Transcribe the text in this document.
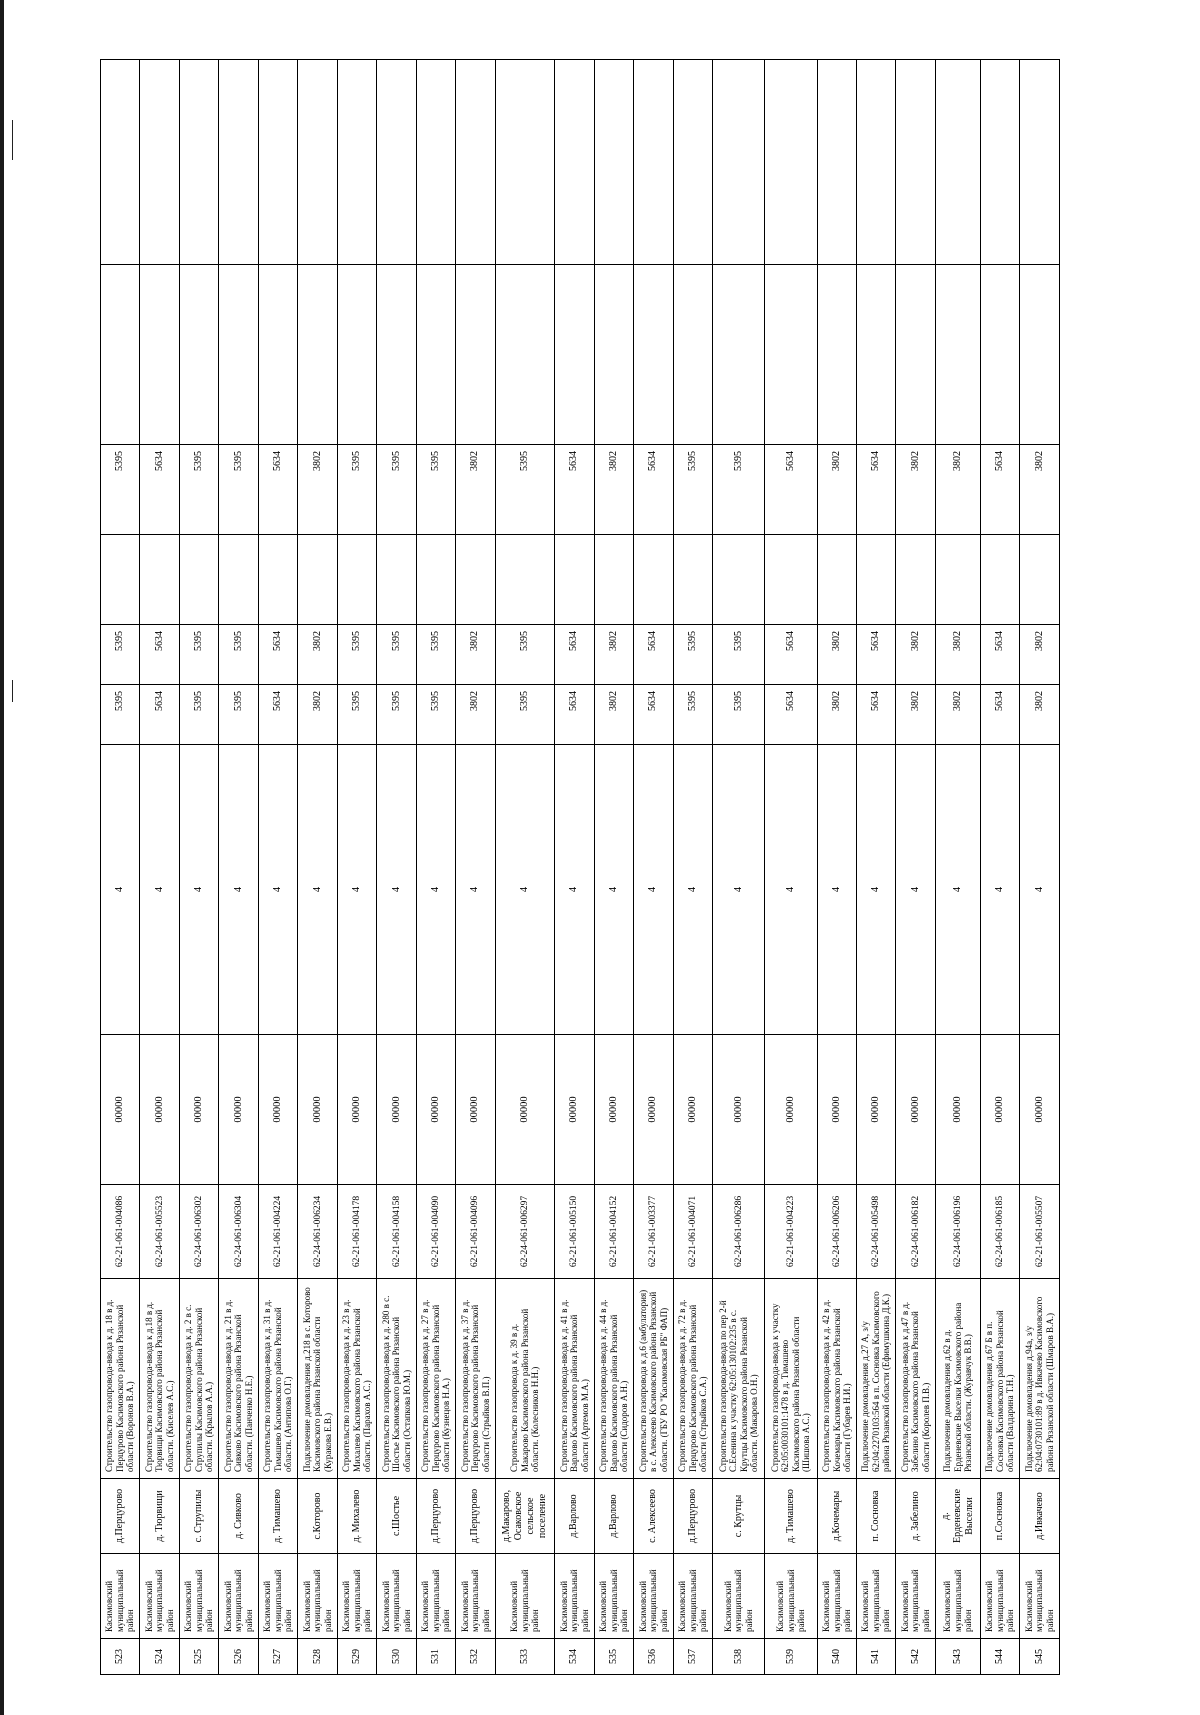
523	Касимовский муниципальный район	д.Перцурово	Строительство газопровода-ввода к д. 18 в д. Перцурово Касимовского района Рязанской области (Воронов В.А.)	62-21-061-004086	00000	4	5395	5395		5395		
524	Касимовский муниципальный район	д. Тюрвищи	Строительство газопровода-ввода к д.18 в д. Тюрвищи Касимовского района Рязанской области. (Киселев А.С.)	62-24-061-005523	00000	4	5634	5634		5634		
525	Касимовский муниципальный район	с. Струпилы	Строительство газопровода-ввода к д. 2 в с. Струпилы Касимовского района Рязанской области. (Крылов А.А.)	62-24-061-006302	00000	4	5395	5395		5395		
526	Касимовский муниципальный район	д. Сивково	Строительство газопровода-ввода к д. 21 в д. Сивково Касимовского района Рязанской области. (Панченко Н.Е.)	62-24-061-006304	00000	4	5395	5395		5395		
527	Касимовский муниципальный район	д. Тимашево	Строительство газопровода-ввода к д. 31 в д. Тимашево Касимовского района Рязанской области. (Антипова О.Г.)	62-21-061-004224	00000	4	5634	5634		5634		
528	Касимовский муниципальный район	с.Которово	Подключение домовладения д.218 в с. Которово Касимовского района Рязанской области (Куракова Е.В.)	62-24-061-006234	00000	4	3802	3802		3802		
529	Касимовский муниципальный район	д. Михалево	Строительство газопровода-ввода к д. 23 в д. Михалево Касимовского района Рязанской области. (Парахов А.С.)	62-21-061-004178	00000	4	5395	5395		5395		
530	Касимовский муниципальный район	с.Шостье	Строительство газопровода-ввода к д. 280 в с. Шостье Касимовского района Рязанской области (Остапкова Ю.М.)	62-21-061-004158	00000	4	5395	5395		5395		
531	Касимовский муниципальный район	д.Перцурово	Строительство газопровода-ввода к д. 27 в д. Перцурово Касимовского района Рязанской области (Кузнецов Н.А.)	62-21-061-004090	00000	4	5395	5395		5395		
532	Касимовский муниципальный район	д.Перцурово	Строительство газопровода-ввода к д. 37 в д. Перцурово Касимовского района Рязанской области (Стрыйков В.П.)	62-21-061-004096	00000	4	3802	3802		3802		
533	Касимовский муниципальный район	д.Макарово, Осаковское сельское поселение	Строительство газопровода к д. 39 в д. Макарово Касимовского района Рязанской области. (Колесников Н.Н.)	62-24-061-006297	00000	4	5395	5395		5395		
534	Касимовский муниципальный район	д.Варлово	Строительство газопровода-ввода к д. 41 в д. Варлово Касимовского района Рязанской области (Артемов М.А.)	62-21-061-005150	00000	4	5634	5634		5634		
535	Касимовский муниципальный район	д.Варлово	Строительство газопровода-ввода к д. 44 в д. Варлово Касимовского района Рязанской области (Сидоров А.Н.)	62-21-061-004152	00000	4	3802	3802		3802		
536	Касимовский муниципальный район	с. Алексеево	Строительство газопровода к д.6 (амбулатория) в с. Алексеево Касимовского района Рязанской области. (ГБУ РО "Касимовская РБ" ФАП)	62-21-061-003377	00000	4	5634	5634		5634		
537	Касимовский муниципальный район	д.Перцурово	Строительство газопровода-ввода к д. 72 в д. Перцурово Касимовского района Рязанской области (Стрыйков С.А.)	62-21-061-004071	00000	4	5395	5395		5395		
538	Касимовский муниципальный район	с. Крутцы	Строительство газопровода-ввода по пер 2-й С.Есенина к участку 62:05:130102:235 в с. Крутцы Касимовского района Рязанской области. (Макарова О.Н.)	62-24-061-006286	00000	4	5395	5395		5395		
539	Касимовский муниципальный район	д. Тимашево	Строительство газопровода-ввода к участку 62:05:0030101:1478 в д. Тимашево Касимовского района Рязанской области (Шишова А.С.)	62-21-061-004223	00000	4	5634	5634		5634		
540	Касимовский муниципальный район	д.Кочемары	Строительство газопровода-ввода к д. 42 в д. Кочемары Касимовского района Рязанской области (Губарев Н.И.)	62-24-061-006206	00000	4	3802	3802		3802		
541	Касимовский муниципальный район	п. Сосновка	Подключение домовладения д.27 А, з/у 62:04:2270103:564 в п. Сосновка Касимовского района Рязанской области (Ефимушкина Д.К.)	62-24-061-005498	00000	4	5634	5634		5634		
542	Касимовский муниципальный район	д. Забелино	Строительство газопровода-ввода к д.47 в д. Забелино Касимовского района Рязанской области (Королев П.В.)	62-24-061-006182	00000	4	3802	3802		3802		
543	Касимовский муниципальный район	д. Ерденевские Выселки	Подключение домовладения д.62 в д. Ерденевские Выселки Касимовского района Рязанской области. (Журавчук В.В.)	62-24-061-006196	00000	4	3802	3802		3802		
544	Касимовский муниципальный район	п.Сосновка	Подключение домовладения д.67 Б в п. Сосновка Касимовского района Рязанской области (Валдарина Т.Н.)	62-24-061-006185	00000	4	5634	5634		5634		
545	Касимовский муниципальный район	д.Ивкачево	Подключение домовладения д.94а, з/у 62:04:0730101:89 в д. Ивкачево Касимовского района Рязанской области (Шмаров В.А.)	62-21-061-005507	00000	4	3802	3802		3802		
